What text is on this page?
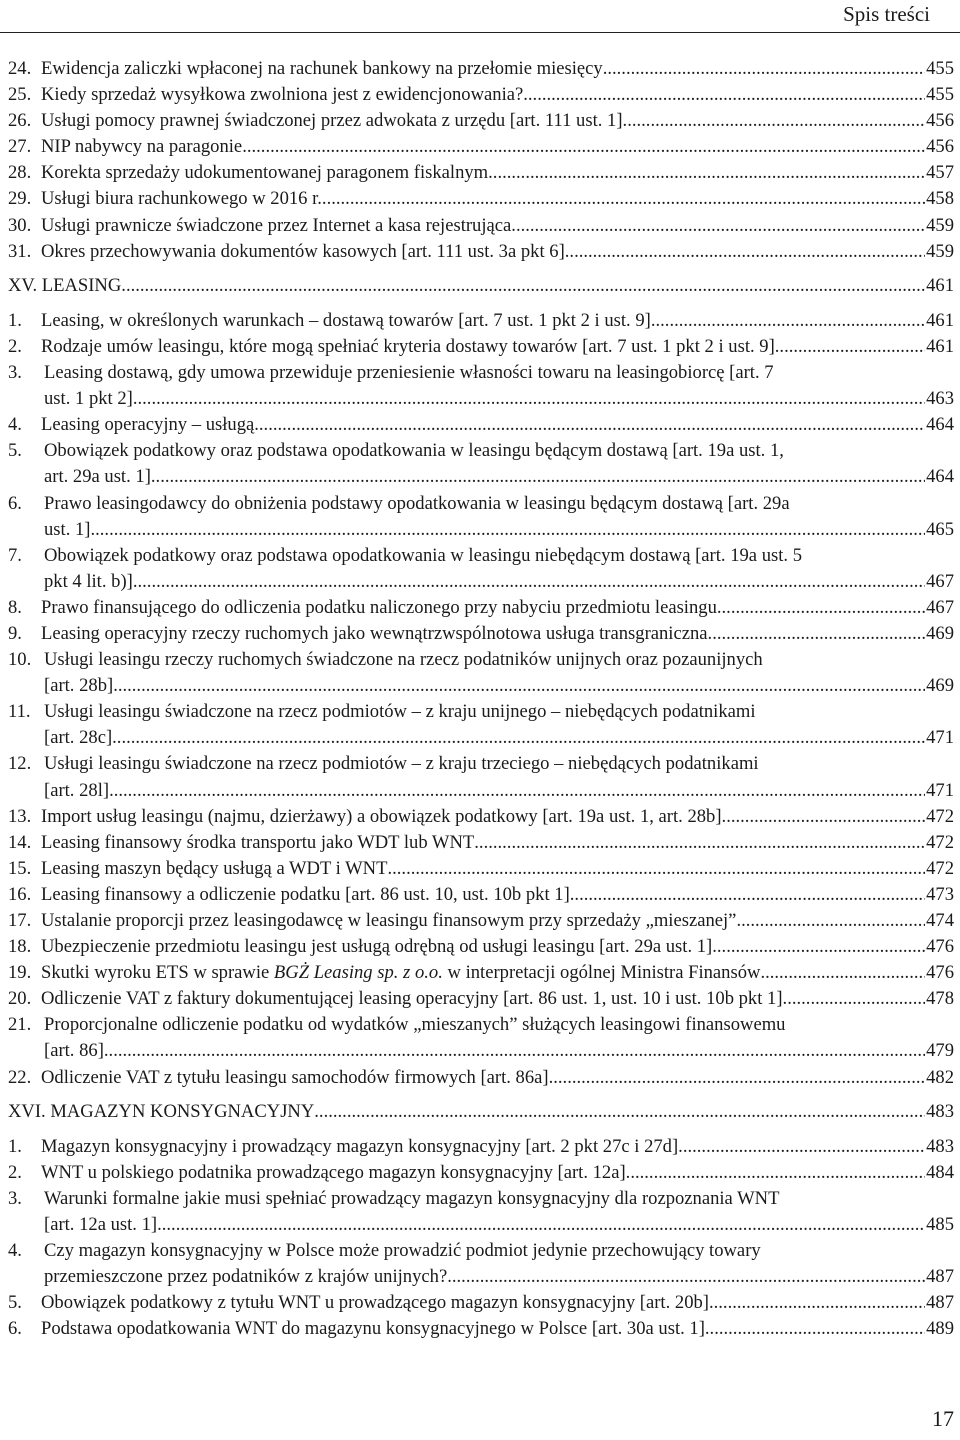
Spis treści
24. Ewidencja zaliczki wpłaconej na rachunek bankowy na przełomie miesięcy .....	455
25. Kiedy sprzedaż wysyłkowa zwolniona jest z ewidencjonowania? .....	455
26. Usługi pomocy prawnej świadczonej przez adwokata z urzędu [art. 111 ust. 1] .....	456
27. NIP nabywcy na paragonie .....	456
28. Korekta sprzedaży udokumentowanej paragonem fiskalnym .....	457
29. Usługi biura rachunkowego w 2016 r. .....	458
30. Usługi prawnicze świadczone przez Internet a kasa rejestrująca .....	459
31. Okres przechowywania dokumentów kasowych [art. 111 ust. 3a pkt 6] .....	459
XV. LEASING .....	461
1.	Leasing, w określonych warunkach – dostawą towarów [art. 7 ust. 1 pkt 2 i ust. 9] .....	461
2.	Rodzaje umów leasingu, które mogą spełniać kryteria dostawy towarów [art. 7 ust. 1 pkt 2 i ust. 9] .....	461
3.	Leasing dostawą, gdy umowa przewiduje przeniesienie własności towaru na leasingobiorcę [art. 7
ust. 1 pkt 2] .....	463
4.	Leasing operacyjny – usługą .....	464
5.	Obowiązek podatkowy oraz podstawa opodatkowania w leasingu będącym dostawą [art. 19a ust. 1,
art. 29a ust. 1] .....	464
6.	Prawo leasingodawcy do obniżenia podstawy opodatkowania w leasingu będącym dostawą [art. 29a
ust. 1] .....	465
7.	Obowiązek podatkowy oraz podstawa opodatkowania w leasingu niebędącym dostawą [art. 19a ust. 5
pkt 4 lit. b)] .....	467
8.	Prawo finansującego do odliczenia podatku naliczonego przy nabyciu przedmiotu leasingu .....	467
9.	Leasing operacyjny rzeczy ruchomych jako wewnątrzwspólnotowa usługa transgraniczna .....	469
10. Usługi leasingu rzeczy ruchomych świadczone na rzecz podatników unijnych oraz pozaunijnych
[art. 28b] .....	469
11. Usługi leasingu świadczone na rzecz podmiotów – z kraju unijnego – niebędących podatnikami
[art. 28c] .....	471
12. Usługi leasingu świadczone na rzecz podmiotów – z kraju trzeciego – niebędących podatnikami
[art. 28l] .....	471
13. Import usług leasingu (najmu, dzierżawy) a obowiązek podatkowy [art. 19a ust. 1, art. 28b] .....	472
14. Leasing finansowy środka transportu jako WDT lub WNT .....	472
15. Leasing maszyn będący usługą a WDT i WNT .....	472
16. Leasing finansowy a odliczenie podatku [art. 86 ust. 10, ust. 10b pkt 1] .....	473
17. Ustalanie proporcji przez leasingodawcę w leasingu finansowym przy sprzedaży „mieszanej” .....	474
18. Ubezpieczenie przedmiotu leasingu jest usługą odrębną od usługi leasingu [art. 29a ust. 1] .....	476
19. Skutki wyroku ETS w sprawie BGŻ Leasing sp. z o.o. w interpretacji ogólnej Ministra Finansów .....	476
20. Odliczenie VAT z faktury dokumentującej leasing operacyjny [art. 86 ust. 1, ust. 10 i ust. 10b pkt 1] .....	478
21. Proporcjonalne odliczenie podatku od wydatków „mieszanych” służących leasingowi finansowemu
[art. 86] .....	479
22. Odliczenie VAT z tytułu leasingu samochodów firmowych [art. 86a] .....	482
XVI. MAGAZYN KONSYGNACYJNY .....	483
1.	Magazyn konsygnacyjny i prowadzący magazyn konsygnacyjny [art. 2 pkt 27c i 27d] .....	483
2.	WNT u polskiego podatnika prowadzącego magazyn konsygnacyjny [art. 12a] .....	484
3.	Warunki formalne jakie musi spełniać prowadzący magazyn konsygnacyjny dla rozpoznania WNT
[art. 12a ust. 1] .....	485
4.	Czy magazyn konsygnacyjny w Polsce może prowadzić podmiot jedynie przechowujący towary
przemieszczone przez podatników z krajów unijnych? .....	487
5.	Obowiązek podatkowy z tytułu WNT u prowadzącego magazyn konsygnacyjny [art. 20b] .....	487
6.	Podstawa opodatkowania WNT do magazynu konsygnacyjnego w Polsce [art. 30a ust. 1] .....	489
17
